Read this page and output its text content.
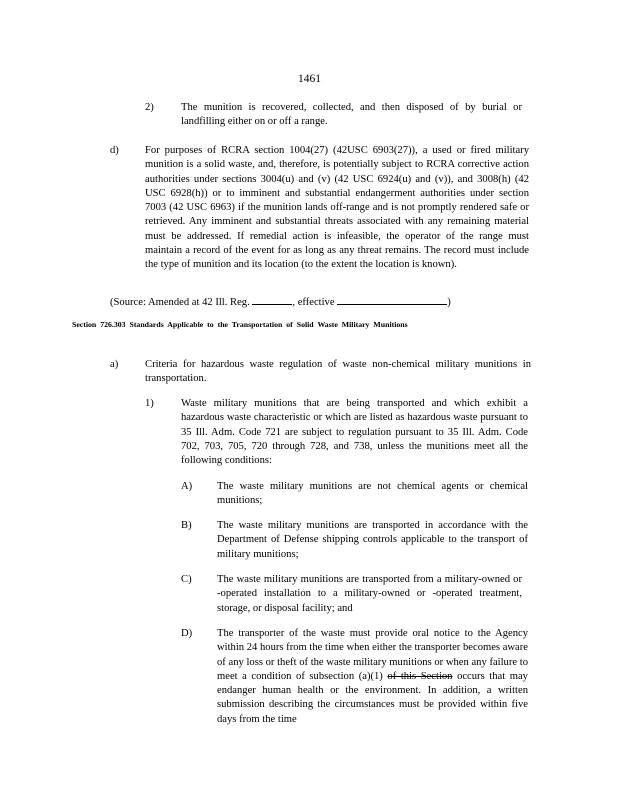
1461
2)	The munition is recovered, collected, and then disposed of by burial or landfilling either on or off a range.
d) For purposes of RCRA section 1004(27) (42USC 6903(27)), a used or fired military munition is a solid waste, and, therefore, is potentially subject to RCRA corrective action authorities under sections 3004(u) and (v) (42 USC 6924(u) and (v)), and 3008(h) (42 USC 6928(h)) or to imminent and substantial endangerment authorities under section 7003 (42 USC 6963) if the munition lands off-range and is not promptly rendered safe or retrieved. Any imminent and substantial threats associated with any remaining material must be addressed. If remedial action is infeasible, the operator of the range must maintain a record of the event for as long as any threat remains. The record must include the type of munition and its location (to the extent the location is known).
(Source: Amended at 42 Ill. Reg.	, effective	)
Section 726.303 Standards Applicable to the Transportation of Solid Waste Military Munitions
a)	Criteria for hazardous waste regulation of waste non-chemical military munitions in transportation.
1)	Waste military munitions that are being transported and which exhibit a hazardous waste characteristic or which are listed as hazardous waste pursuant to 35 Ill. Adm. Code 721 are subject to regulation pursuant to 35 Ill. Adm. Code 702, 703, 705, 720 through 728, and 738, unless the munitions meet all the following conditions:
A) The waste military munitions are not chemical agents or chemical munitions;
B) The waste military munitions are transported in accordance with the Department of Defense shipping controls applicable to the transport of military munitions;
C) The waste military munitions are transported from a military-owned or -operated installation to a military-owned or -operated treatment, storage, or disposal facility; and
D) The transporter of the waste must provide oral notice to the Agency within 24 hours from the time when either the transporter becomes aware of any loss or theft of the waste military munitions or when any failure to meet a condition of subsection (a)(1) of this Section occurs that may endanger human health or the environment. In addition, a written submission describing the circumstances must be provided within five days from the time
